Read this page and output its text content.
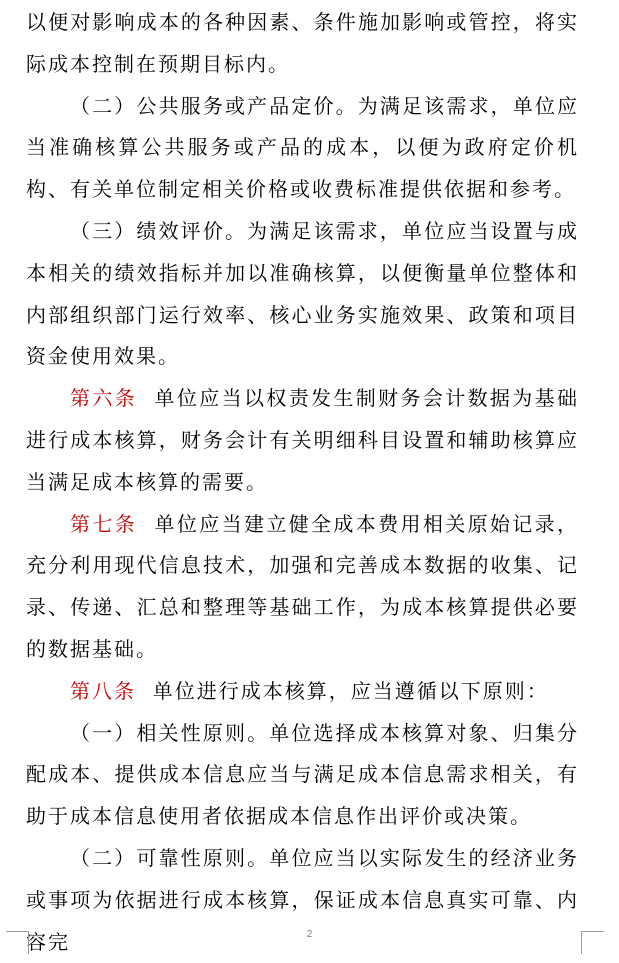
以便对影响成本的各种因素、条件施加影响或管控，将实际成本控制在预期目标内。

（二）公共服务或产品定价。为满足该需求，单位应当准确核算公共服务或产品的成本，以便为政府定价机构、有关单位制定相关价格或收费标准提供依据和参考。

（三）绩效评价。为满足该需求，单位应当设置与成本相关的绩效指标并加以准确核算，以便衡量单位整体和内部组织部门运行效率、核心业务实施效果、政策和项目资金使用效果。

第六条  单位应当以权责发生制财务会计数据为基础进行成本核算，财务会计有关明细科目设置和辅助核算应当满足成本核算的需要。

第七条  单位应当建立健全成本费用相关原始记录，充分利用现代信息技术，加强和完善成本数据的收集、记录、传递、汇总和整理等基础工作，为成本核算提供必要的数据基础。

第八条  单位进行成本核算，应当遵循以下原则：

（一）相关性原则。单位选择成本核算对象、归集分配成本、提供成本信息应当与满足成本信息需求相关，有助于成本信息使用者依据成本信息作出评价或决策。

（二）可靠性原则。单位应当以实际发生的经济业务或事项为依据进行成本核算，保证成本信息真实可靠、内容完	2
